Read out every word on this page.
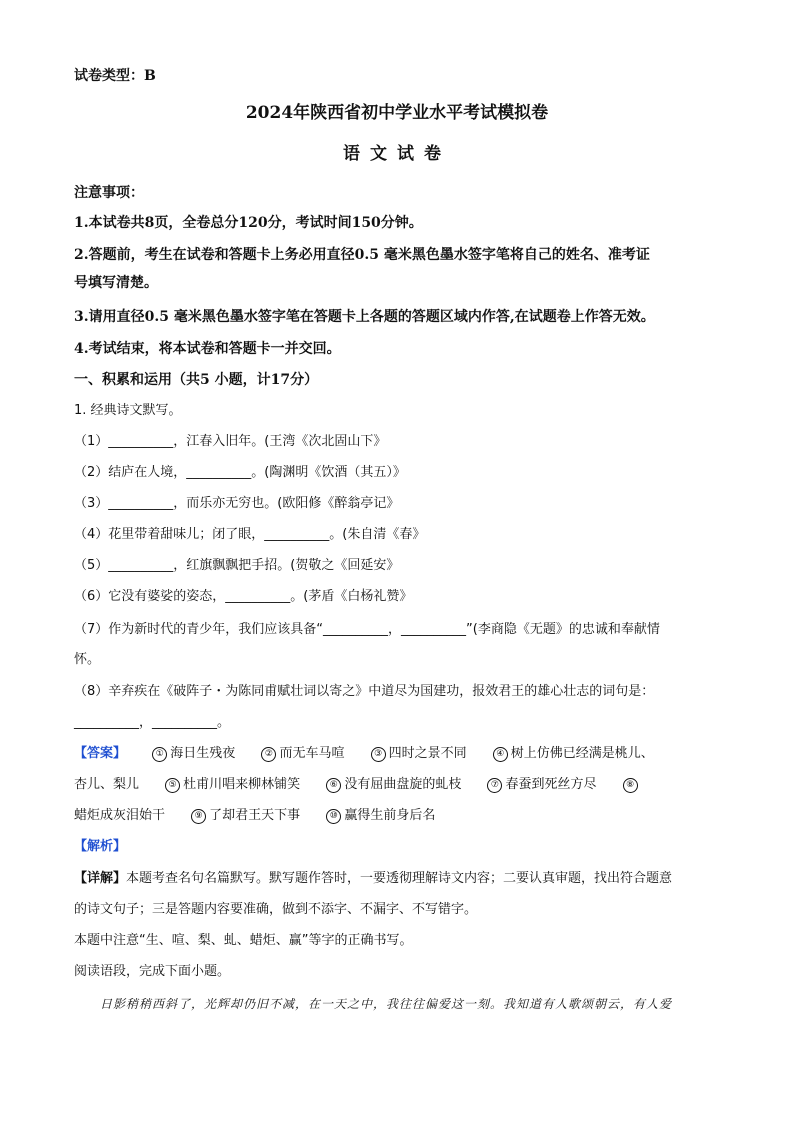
试卷类型：B
2024年陕西省初中学业水平考试模拟卷
语文试卷
注意事项：
1.本试卷共8页，全卷总分120分，考试时间150分钟。
2.答题前，考生在试卷和答题卡上务必用直径0.5 毫米黑色墨水签字笔将自己的姓名、准考证
号填写清楚。
3.请用直径0.5 毫米黑色墨水签字笔在答题卡上各题的答题区域内作答,在试题卷上作答无效。
4.考试结束，将本试卷和答题卡一并交回。
一、积累和运用（共5 小题，计17分）
1. 经典诗文默写。
（1）__________，江春入旧年。(王湾《次北固山下》
（2）结庐在人境，__________。(陶渊明《饮酒（其五）》
（3）__________，而乐亦无穷也。(欧阳修《醉翁亭记》
（4）花里带着甜味儿；闭了眼，__________。(朱自清《春》
（5）__________，红旗飘飘把手招。(贺敬之《回延安》
（6）它没有婆娑的姿态，__________。(茅盾《白杨礼赞》
（7）作为新时代的青少年，我们应该具备“__________，__________”(李商隐《无题》的忠诚和奉献情
怀。
（8）辛弃疾在《破阵子・为陈同甫赋壮词以寄之》中道尽为国建功，报效君王的雄心壮志的词句是：
__________，__________。
【答案】	① 海日生残夜	② 而无车马喧	③ 四时之景不同	④ 树上仿佛已经满是桃儿、
杏儿、梨儿	⑤ 杜甫川唱来柳林铺笑	⑥ 没有屈曲盘旋的虬枝	⑦ 春蚕到死丝方尽	⑧
蜡炬成灰泪始干	⑨ 了却君王天下事	⑩ 赢得生前身后名
【解析】
【详解】本题考查名句名篇默写。默写题作答时，一要透彻理解诗文内容；二要认真审题，找出符合题意
的诗文句子；三是答题内容要准确，做到不添字、不漏字、不写错字。
本题中注意“生、喧、梨、虬、蜡炬、赢”等字的正确书写。
阅读语段，完成下面小题。
日影稍稍西斜了，光辉却仍旧不减，在一天之中，我往往偏爱这一刻。我知道有人歌颂朝云，有人爱
